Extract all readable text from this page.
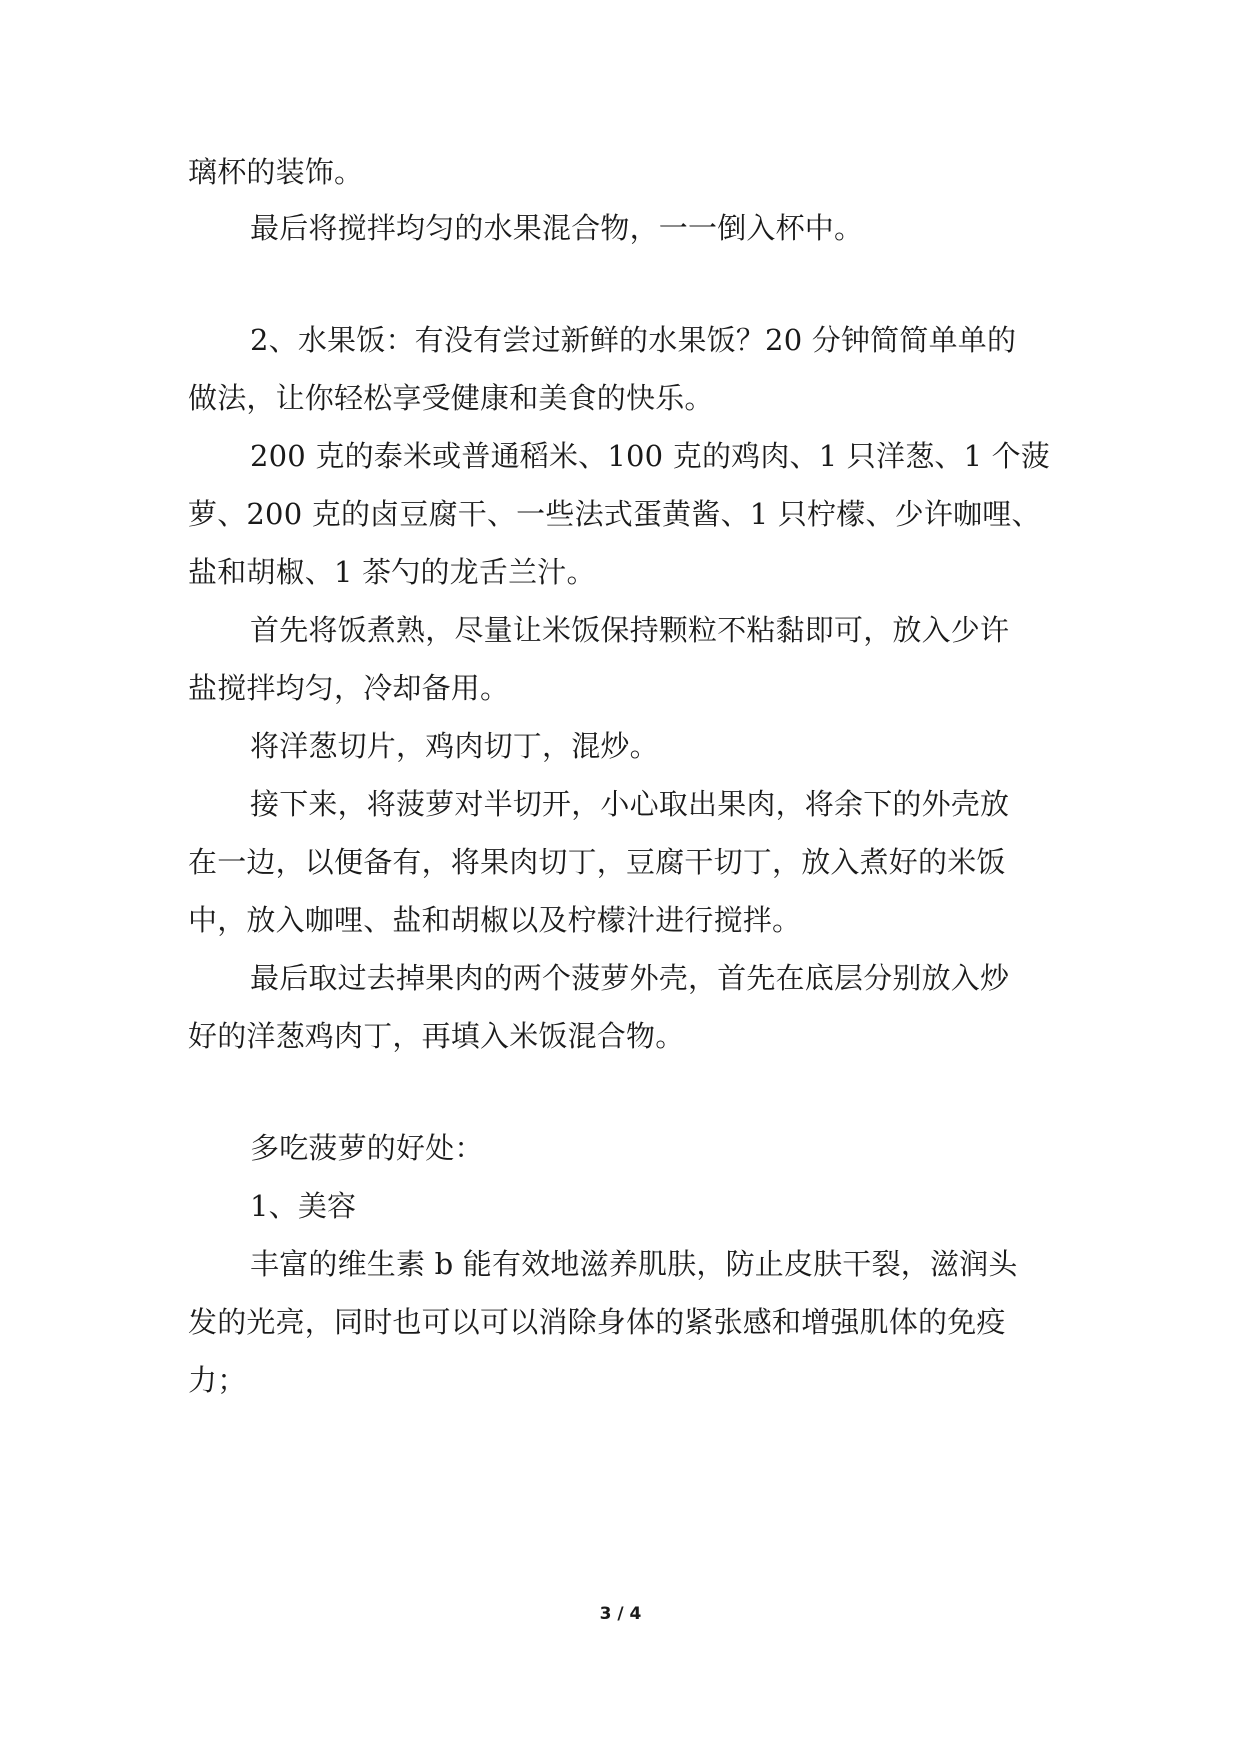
璃杯的装饰。
最后将搅拌均匀的水果混合物，一一倒入杯中。
2、水果饭：有没有尝过新鲜的水果饭？20 分钟简简单单的
做法，让你轻松享受健康和美食的快乐。
200 克的泰米或普通稻米、100 克的鸡肉、1 只洋葱、1 个菠
萝、200 克的卤豆腐干、一些法式蛋黄酱、1 只柠檬、少许咖哩、
盐和胡椒、1 茶勺的龙舌兰汁。
首先将饭煮熟，尽量让米饭保持颗粒不粘黏即可，放入少许
盐搅拌均匀，冷却备用。
将洋葱切片，鸡肉切丁，混炒。
接下来，将菠萝对半切开，小心取出果肉，将余下的外壳放
在一边，以便备有，将果肉切丁，豆腐干切丁，放入煮好的米饭
中，放入咖哩、盐和胡椒以及柠檬汁进行搅拌。
最后取过去掉果肉的两个菠萝外壳，首先在底层分别放入炒
好的洋葱鸡肉丁，再填入米饭混合物。
多吃菠萝的好处：
1、美容
丰富的维生素 b 能有效地滋养肌肤，防止皮肤干裂，滋润头
发的光亮，同时也可以可以消除身体的紧张感和增强肌体的免疫
力；
3 / 4
